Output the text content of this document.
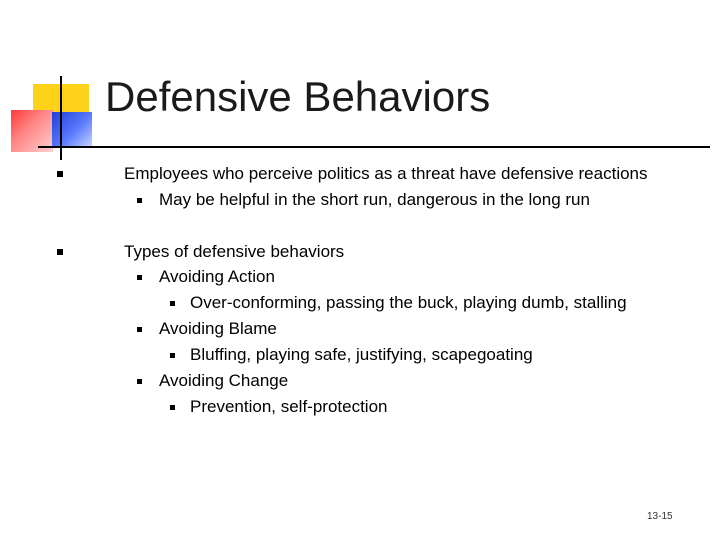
Defensive Behaviors
Employees who perceive politics as a threat have defensive reactions
May be helpful in the short run, dangerous in the long run
Types of defensive behaviors
Avoiding Action
Over-conforming, passing the buck, playing dumb, stalling
Avoiding Blame
Bluffing, playing safe, justifying, scapegoating
Avoiding Change
Prevention, self-protection
13-15
